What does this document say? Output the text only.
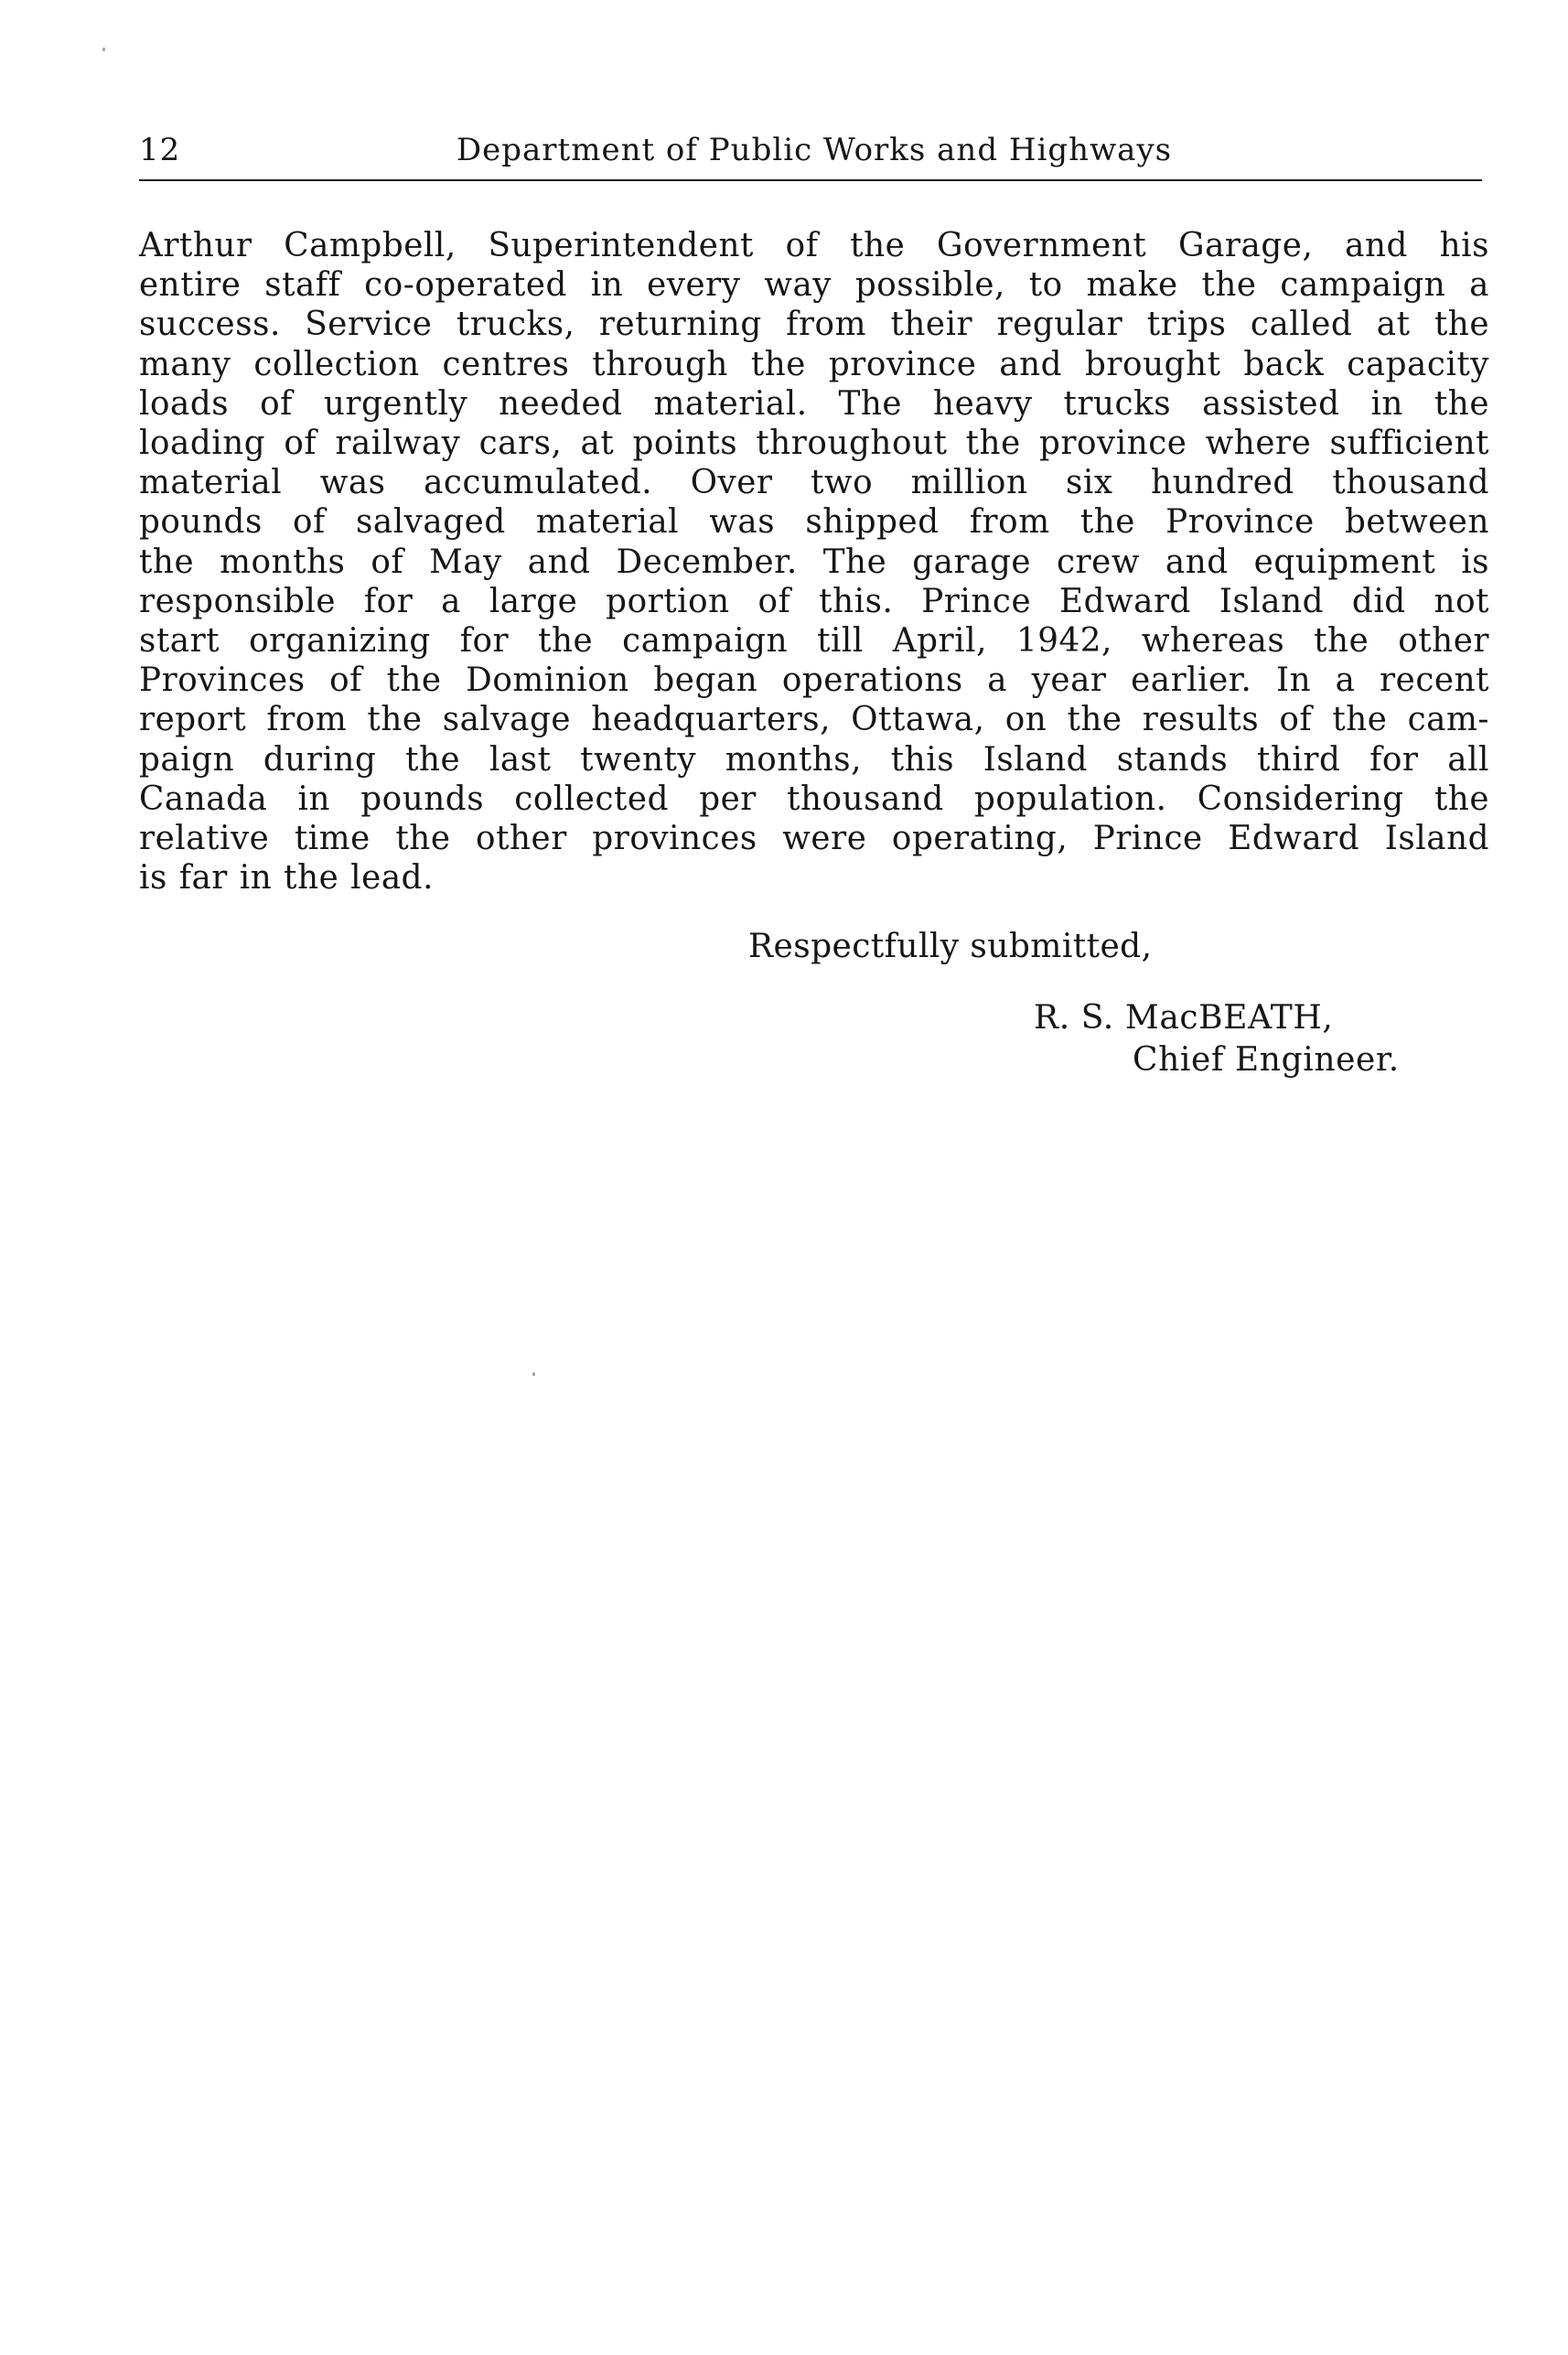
12	Department of Public Works and Highways
Arthur Campbell, Superintendent of the Government Garage, and his
entire staff co-operated in every way possible, to make the campaign a
success. Service trucks, returning from their regular trips called at the
many collection centres through the province and brought back capacity
loads of urgently needed material. The heavy trucks assisted in the
loading of railway cars, at points throughout the province where sufficient
material was accumulated. Over two million six hundred thousand
pounds of salvaged material was shipped from the Province between
the months of May and December. The garage crew and equipment is
responsible for a large portion of this. Prince Edward Island did not
start organizing for the campaign till April, 1942, whereas the other
Provinces of the Dominion began operations a year earlier. In a recent
report from the salvage headquarters, Ottawa, on the results of the cam-
paign during the last twenty months, this Island stands third for all
Canada in pounds collected per thousand population. Considering the
relative time the other provinces were operating, Prince Edward Island
is far in the lead.
Respectfully submitted,
R. S. MacBEATH,
Chief Engineer.
